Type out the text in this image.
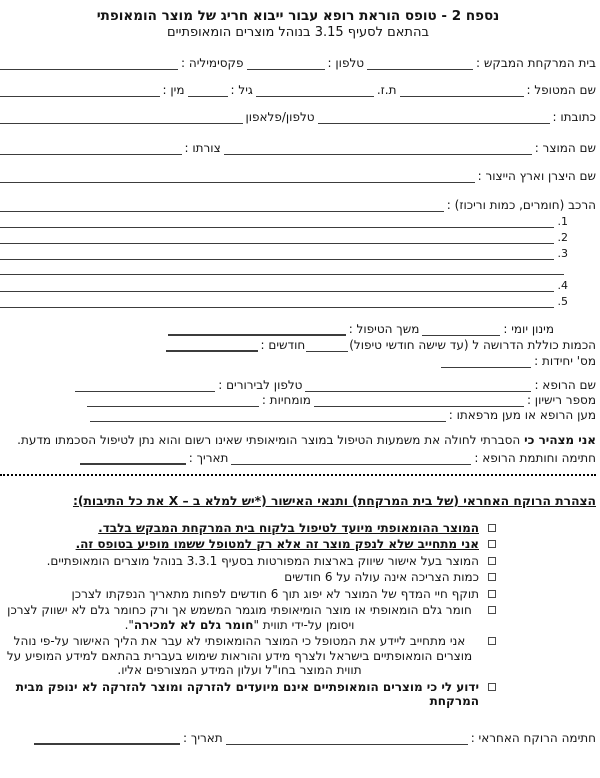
נספח 2 - טופס הוראת רופא עבור ייבוא חריג של מוצר הומאופתי
בהתאם לסעיף 3.15 בנוהל מוצרים הומאופתיים
בית המרקחת המבקש :
טלפון :
פקסימיליה :
שם המטופל :
ת.ז.
גיל :
מין :
כתובתו :
טלפון/פלאפון
שם המוצר :
צורתו :
שם היצרן וארץ הייצור :
הרכב (חומרים, כמות וריכוז) :
1.
2.
3.
4.
5.
מינון יומי :
משך הטיפול :
הכמות כוללת הדרושה ל (עד שישה חודשי טיפול)
חודשים :
מס' יחידות :
שם הרופא :
טלפון לבירורים :
מספר רישיון :
מומחיות :
מען הרופא או מען מרפאתו :
אני מצהיר כי הסברתי לחולה את משמעות הטיפול במוצר הומיאופתי שאינו רשום והוא נתן לטיפול הסכמתו מדעת.
חתימה וחותמת הרופא :
תאריך :
הצהרת הרוקח האחראי (של בית המרקחת) ותנאי האישור (*יש למלא ב – X את כל התיבות):
המוצר ההומאופתי מיועד לטיפול בלקוח בית המרקחת המבקש בלבד.
אני מתחייב שלא לנפק מוצר זה אלא רק למטופל ששמו מופיע בטופס זה.
המוצר בעל אישור שיווק בארצות המפורטות בסעיף 3.3.1 בנוהל מוצרים הומאופתיים.
כמות הצריכה אינה עולה על 6 חודשים
תוקף חיי המדף של המוצר לא יפוג תוך 6 חודשים לפחות מתאריך הנפקתו לצרכן
חומר גלם הומאופתי או מוצר הומיאופתי מוגמר המשמש אך ורק כחומר גלם לא ישווק לצרכן ויסומן על-ידי תווית "חומר גלם לא למכירה".
אני מתחייב ליידע את המטופל כי המוצר ההומאופתי לא עבר את הליך האישור על-פי נוהל מוצרים הומאופתיים בישראל ולצרף מידע והוראות שימוש בעברית בהתאם למידע המופיע על תווית המוצר בחו"ל ועלון המידע המצורפים אליו.
ידוע לי כי מוצרים הומאופתיים אינם מיועדים להזרקה ומוצר להזרקה לא ינופק מבית המרקחת
חתימה הרוקח האחראי :
תאריך :
